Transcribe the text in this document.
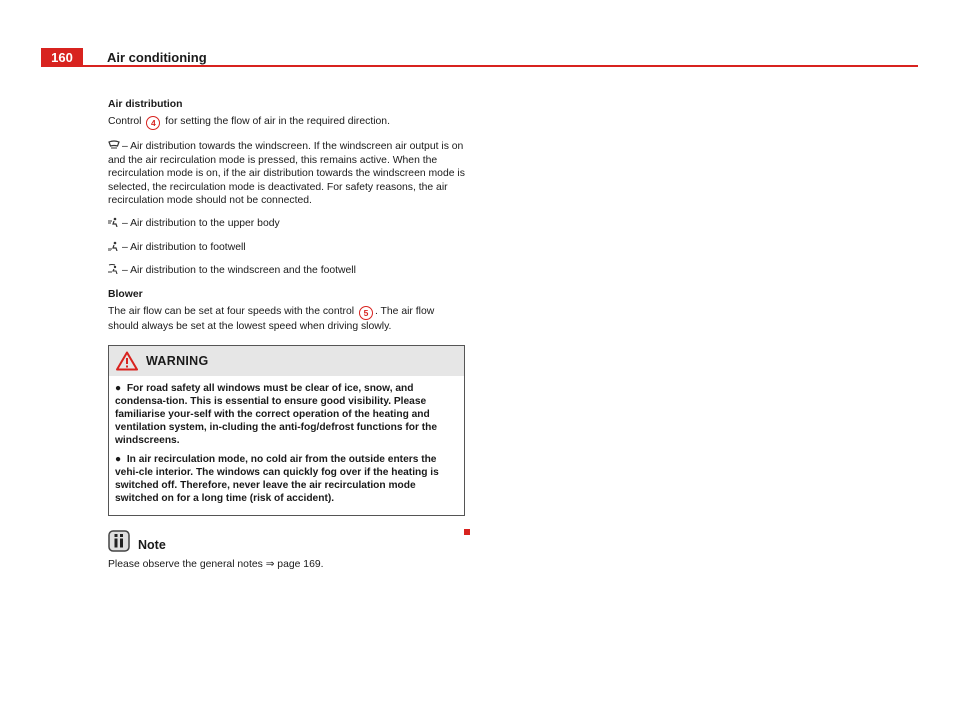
160	Air conditioning

Air distribution

Control 4 for setting the flow of air in the required direction.

– Air distribution towards the windscreen. If the windscreen air output is on and the air recirculation mode is pressed, this remains active. When the recirculation mode is on, if the air distribution towards the windscreen mode is selected, the recirculation mode is deactivated. For safety reasons, the air recirculation mode should not be connected.

– Air distribution to the upper body

– Air distribution to footwell

– Air distribution to the windscreen and the footwell

Blower

The air flow can be set at four speeds with the control 5 . The air flow should always be set at the lowest speed when driving slowly.

WARNING
●  For road safety all windows must be clear of ice, snow, and condensa-tion. This is essential to ensure good visibility. Please familiarise your-self with the correct operation of the heating and ventilation system, in-cluding the anti-fog/defrost functions for the windscreens.
●  In air recirculation mode, no cold air from the outside enters the vehi-cle interior. The windows can quickly fog over if the heating is switched off. Therefore, never leave the air recirculation mode switched on for a long time (risk of accident).
Note

Please observe the general notes ⇒ page 169.
